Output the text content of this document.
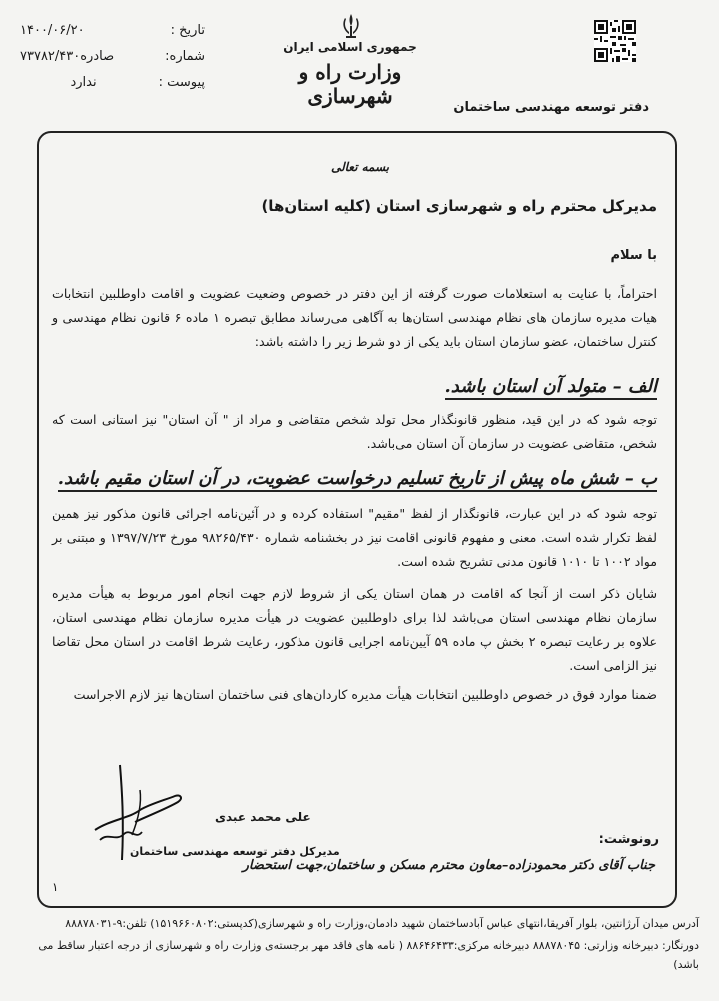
تاریخ :
۱۴۰۰/۰۶/۲۰
شماره:
۷۳۷۸۲/۴۳۰صادره
پیوست :
ندارد
جمهوری اسلامی ایران
وزارت راه و شهرسازی	دفتر توسعه مهندسی ساختمان
بسمه تعالی
مدیرکل محترم راه و شهرسازی استان (کلیه استان‌ها)
با سلام
احتراماً، با عنایت به استعلامات صورت گرفته از این دفتر در خصوص وضعیت عضویت و اقامت داوطلبین انتخابات هیات مدیره سازمان های نظام مهندسی استان‌ها به آگاهی می‌رساند مطابق تبصره ۱ ماده ۶ قانون نظام مهندسی و کنترل ساختمان، عضو سازمان استان باید یکی از دو شرط زیر را داشته باشد:
الف – متولد آن استان باشد.
توجه شود که در این قید، منظور قانونگذار محل تولد شخص متقاضی و مراد از " آن استان" نیز استانی است که شخص، متقاضی عضویت در سازمان آن استان می‌باشد.
ب – شش ماه پیش از تاریخ تسلیم درخواست عضویت، در آن استان مقیم باشد.
توجه شود که در این عبارت، قانونگذار از لفظ "مقیم" استفاده کرده و در آئین‌نامه اجرائی قانون مذکور نیز همین لفظ تکرار شده است. معنی و مفهوم قانونی اقامت نیز در بخشنامه شماره ۹۸۲۶۵/۴۳۰ مورخ ۱۳۹۷/۷/۲۳ و مبتنی بر مواد ۱۰۰۲ تا ۱۰۱۰ قانون مدنی تشریح شده است.
شایان ذکر است از آنجا که اقامت در همان استان یکی از شروط لازم جهت انجام امور مربوط به هیأت مدیره سازمان نظام مهندسی استان می‌باشد لذا برای داوطلبین عضویت در هیأت مدیره سازمان نظام مهندسی استان، علاوه بر رعایت تبصره ۲ بخش پ ماده ۵۹ آیین‌نامه اجرایی قانون مذکور، رعایت شرط اقامت در استان محل تقاضا نیز الزامی است.
ضمنا موارد فوق در خصوص داوطلبین انتخابات هیأت مدیره کاردان‌های فنی ساختمان استان‌ها نیز لازم الاجراست
علی محمد عبدی
مدیرکل دفتر توسعه مهندسی ساختمان
رونوشت:
جناب آقای دکتر محمودزاده–معاون محترم مسکن و ساختمان،جهت استحضار
۱
آدرس میدان آرژانتین، بلوار آفریقا،انتهای عباس آبادساختمان شهید دادمان،وزارت راه و شهرسازی(کدپستی:۱۵۱۹۶۶۰۸۰۲) تلفن:۹-۸۸۸۷۸۰۳۱
دورنگار: دبیرخانه وزارتی: ۸۸۸۷۸۰۴۵ دبیرخانه مرکزی:۸۸۶۴۶۴۳۳ ( نامه های فاقد مهر برجسته‌ی وزارت راه و شهرسازی از درجه اعتبار ساقط می باشد)
